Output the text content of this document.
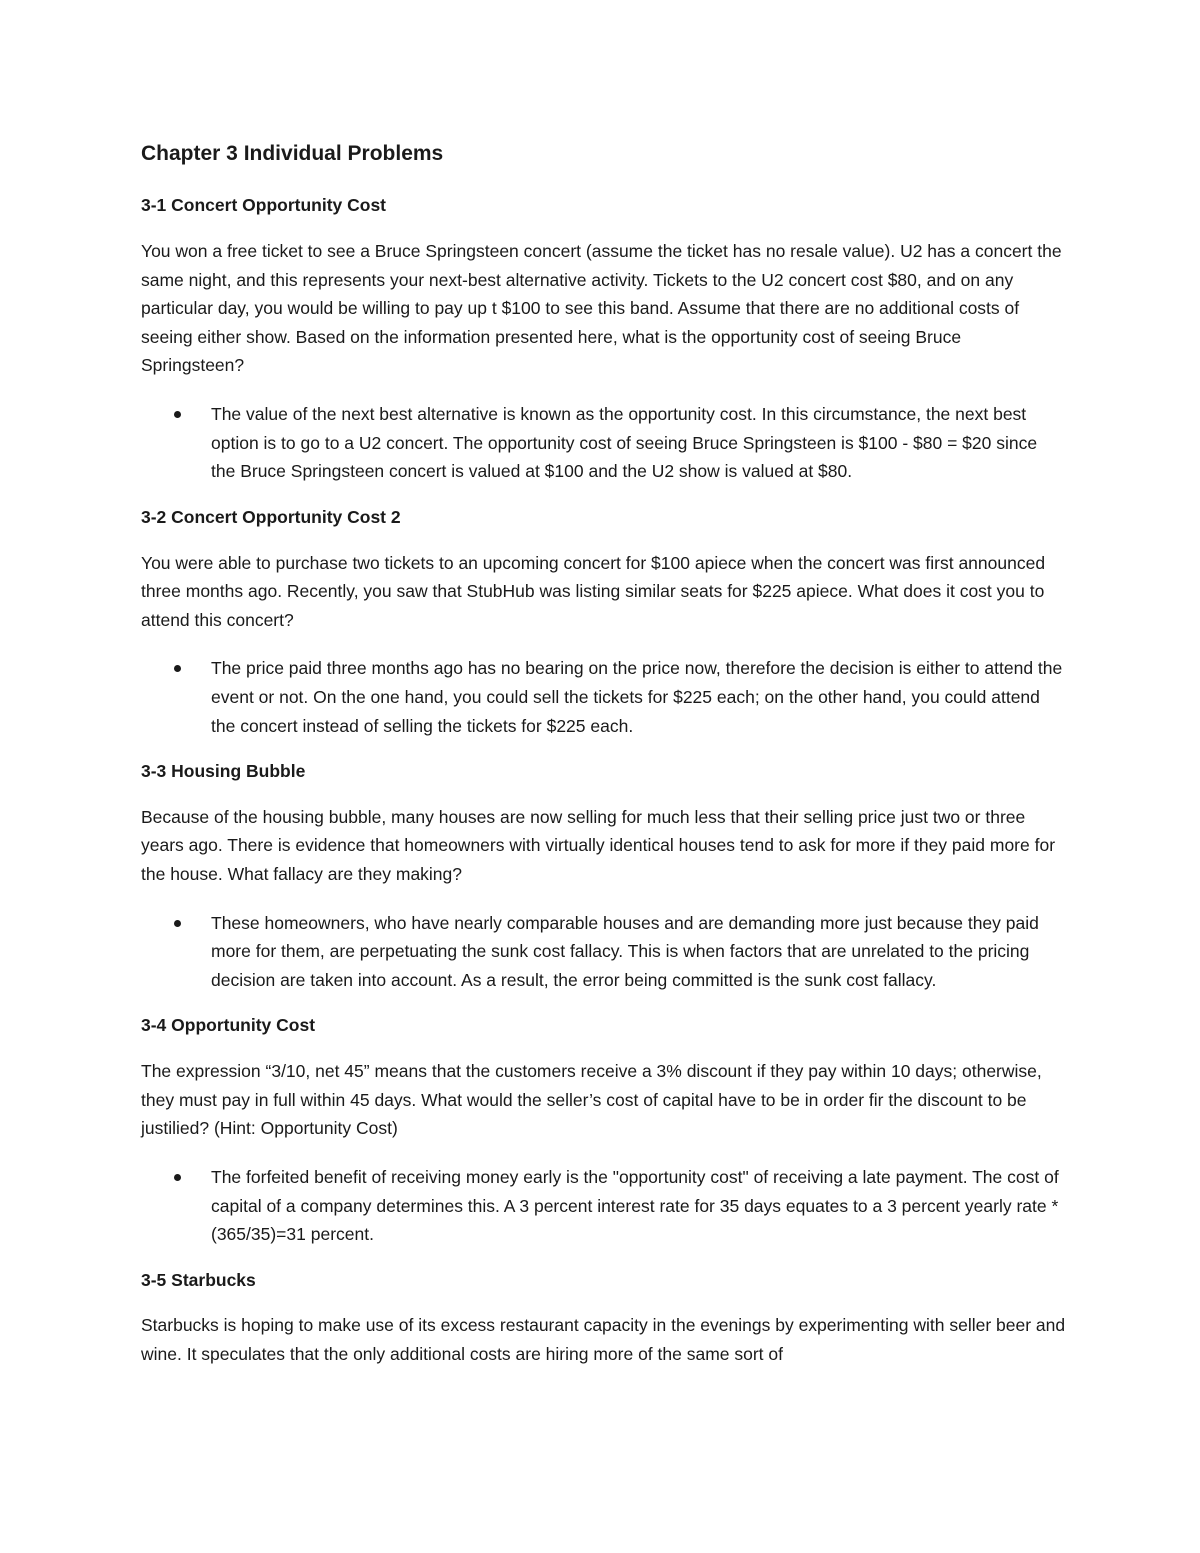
Chapter 3 Individual Problems
3-1 Concert Opportunity Cost

You won a free ticket to see a Bruce Springsteen concert (assume the ticket has no resale value). U2 has a concert the same night, and this represents your next-best alternative activity. Tickets to the U2 concert cost $80, and on any particular day, you would be willing to pay up t $100 to see this band. Assume that there are no additional costs of seeing either show. Based on the information presented here, what is the opportunity cost of seeing Bruce Springsteen?

The value of the next best alternative is known as the opportunity cost. In this circumstance, the next best option is to go to a U2 concert. The opportunity cost of seeing Bruce Springsteen is $100 - $80 = $20 since the Bruce Springsteen concert is valued at $100 and the U2 show is valued at $80.
3-2 Concert Opportunity Cost 2

You were able to purchase two tickets to an upcoming concert for $100 apiece when the concert was first announced three months ago. Recently, you saw that StubHub was listing similar seats for $225 apiece. What does it cost you to attend this concert?

The price paid three months ago has no bearing on the price now, therefore the decision is either to attend the event or not. On the one hand, you could sell the tickets for $225 each; on the other hand, you could attend the concert instead of selling the tickets for $225 each.
3-3 Housing Bubble

Because of the housing bubble, many houses are now selling for much less that their selling price just two or three years ago. There is evidence that homeowners with virtually identical houses tend to ask for more if they paid more for the house. What fallacy are they making?

These homeowners, who have nearly comparable houses and are demanding more just because they paid more for them, are perpetuating the sunk cost fallacy. This is when factors that are unrelated to the pricing decision are taken into account. As a result, the error being committed is the sunk cost fallacy.
3-4 Opportunity Cost

The expression “3/10, net 45” means that the customers receive a 3% discount if they pay within 10 days; otherwise, they must pay in full within 45 days. What would the seller’s cost of capital have to be in order fir the discount to be justilied? (Hint: Opportunity Cost)

The forfeited benefit of receiving money early is the "opportunity cost" of receiving a late payment. The cost of capital of a company determines this. A 3 percent interest rate for 35 days equates to a 3 percent yearly rate *(365/35)=31 percent.
3-5 Starbucks

Starbucks is hoping to make use of its excess restaurant capacity in the evenings by experimenting with seller beer and wine. It speculates that the only additional costs are hiring more of the same sort of
